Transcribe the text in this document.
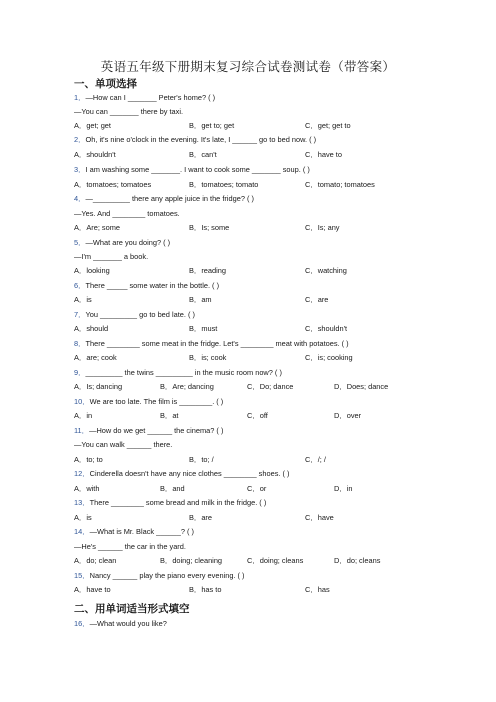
英语五年级下册期末复习综合试卷测试卷（带答案）
一、单项选择
1．—How can I _______ Peter's home? ( )
—You can _______ there by taxi.
A．get; get	B．get to; get	C．get; get to
2．Oh, it's nine o'clock in the evening. It's late, I ______ go to bed now. ( )
A．shouldn't	B．can't	C．have to
3．I am washing some _______. I want to cook some _______ soup. ( )
A．tomatoes; tomatoes	B．tomatoes; tomato	C．tomato; tomatoes
4．—_________ there any apple juice in the fridge? ( )
—Yes. And ________ tomatoes.
A．Are; some	B．Is; some	C．Is; any
5．—What are you doing? ( )
—I'm _______ a book.
A．looking	B．reading	C．watching
6．There _____ some water in the bottle. ( )
A．is	B．am	C．are
7．You _________ go to bed late. ( )
A．should	B．must	C．shouldn't
8．There ________ some meat in the fridge. Let's ________ meat with potatoes. ( )
A．are; cook	B．is; cook	C．is; cooking
9．_________ the twins _________ in the music room now? ( )
A．Is; dancing	B．Are; dancing	C．Do; dance	D．Does; dance
10．We are too late. The film is ________. ( )
A．in	B．at	C．off	D．over
11．—How do we get ______ the cinema? ( )
—You can walk ______ there.
A．to; to	B．to; /	C．/; /
12．Cinderella doesn't have any nice clothes ________ shoes. ( )
A．with	B．and	C．or	D．in
13．There ________ some bread and milk in the fridge. ( )
A．is	B．are	C．have
14．—What is Mr. Black ______? ( )
—He's ______ the car in the yard.
A．do; clean	B．doing; cleaning	C．doing; cleans	D．do; cleans
15．Nancy ______ play the piano every evening. ( )
A．have to	B．has to	C．has
二、用单词适当形式填空
16．—What would you like?
